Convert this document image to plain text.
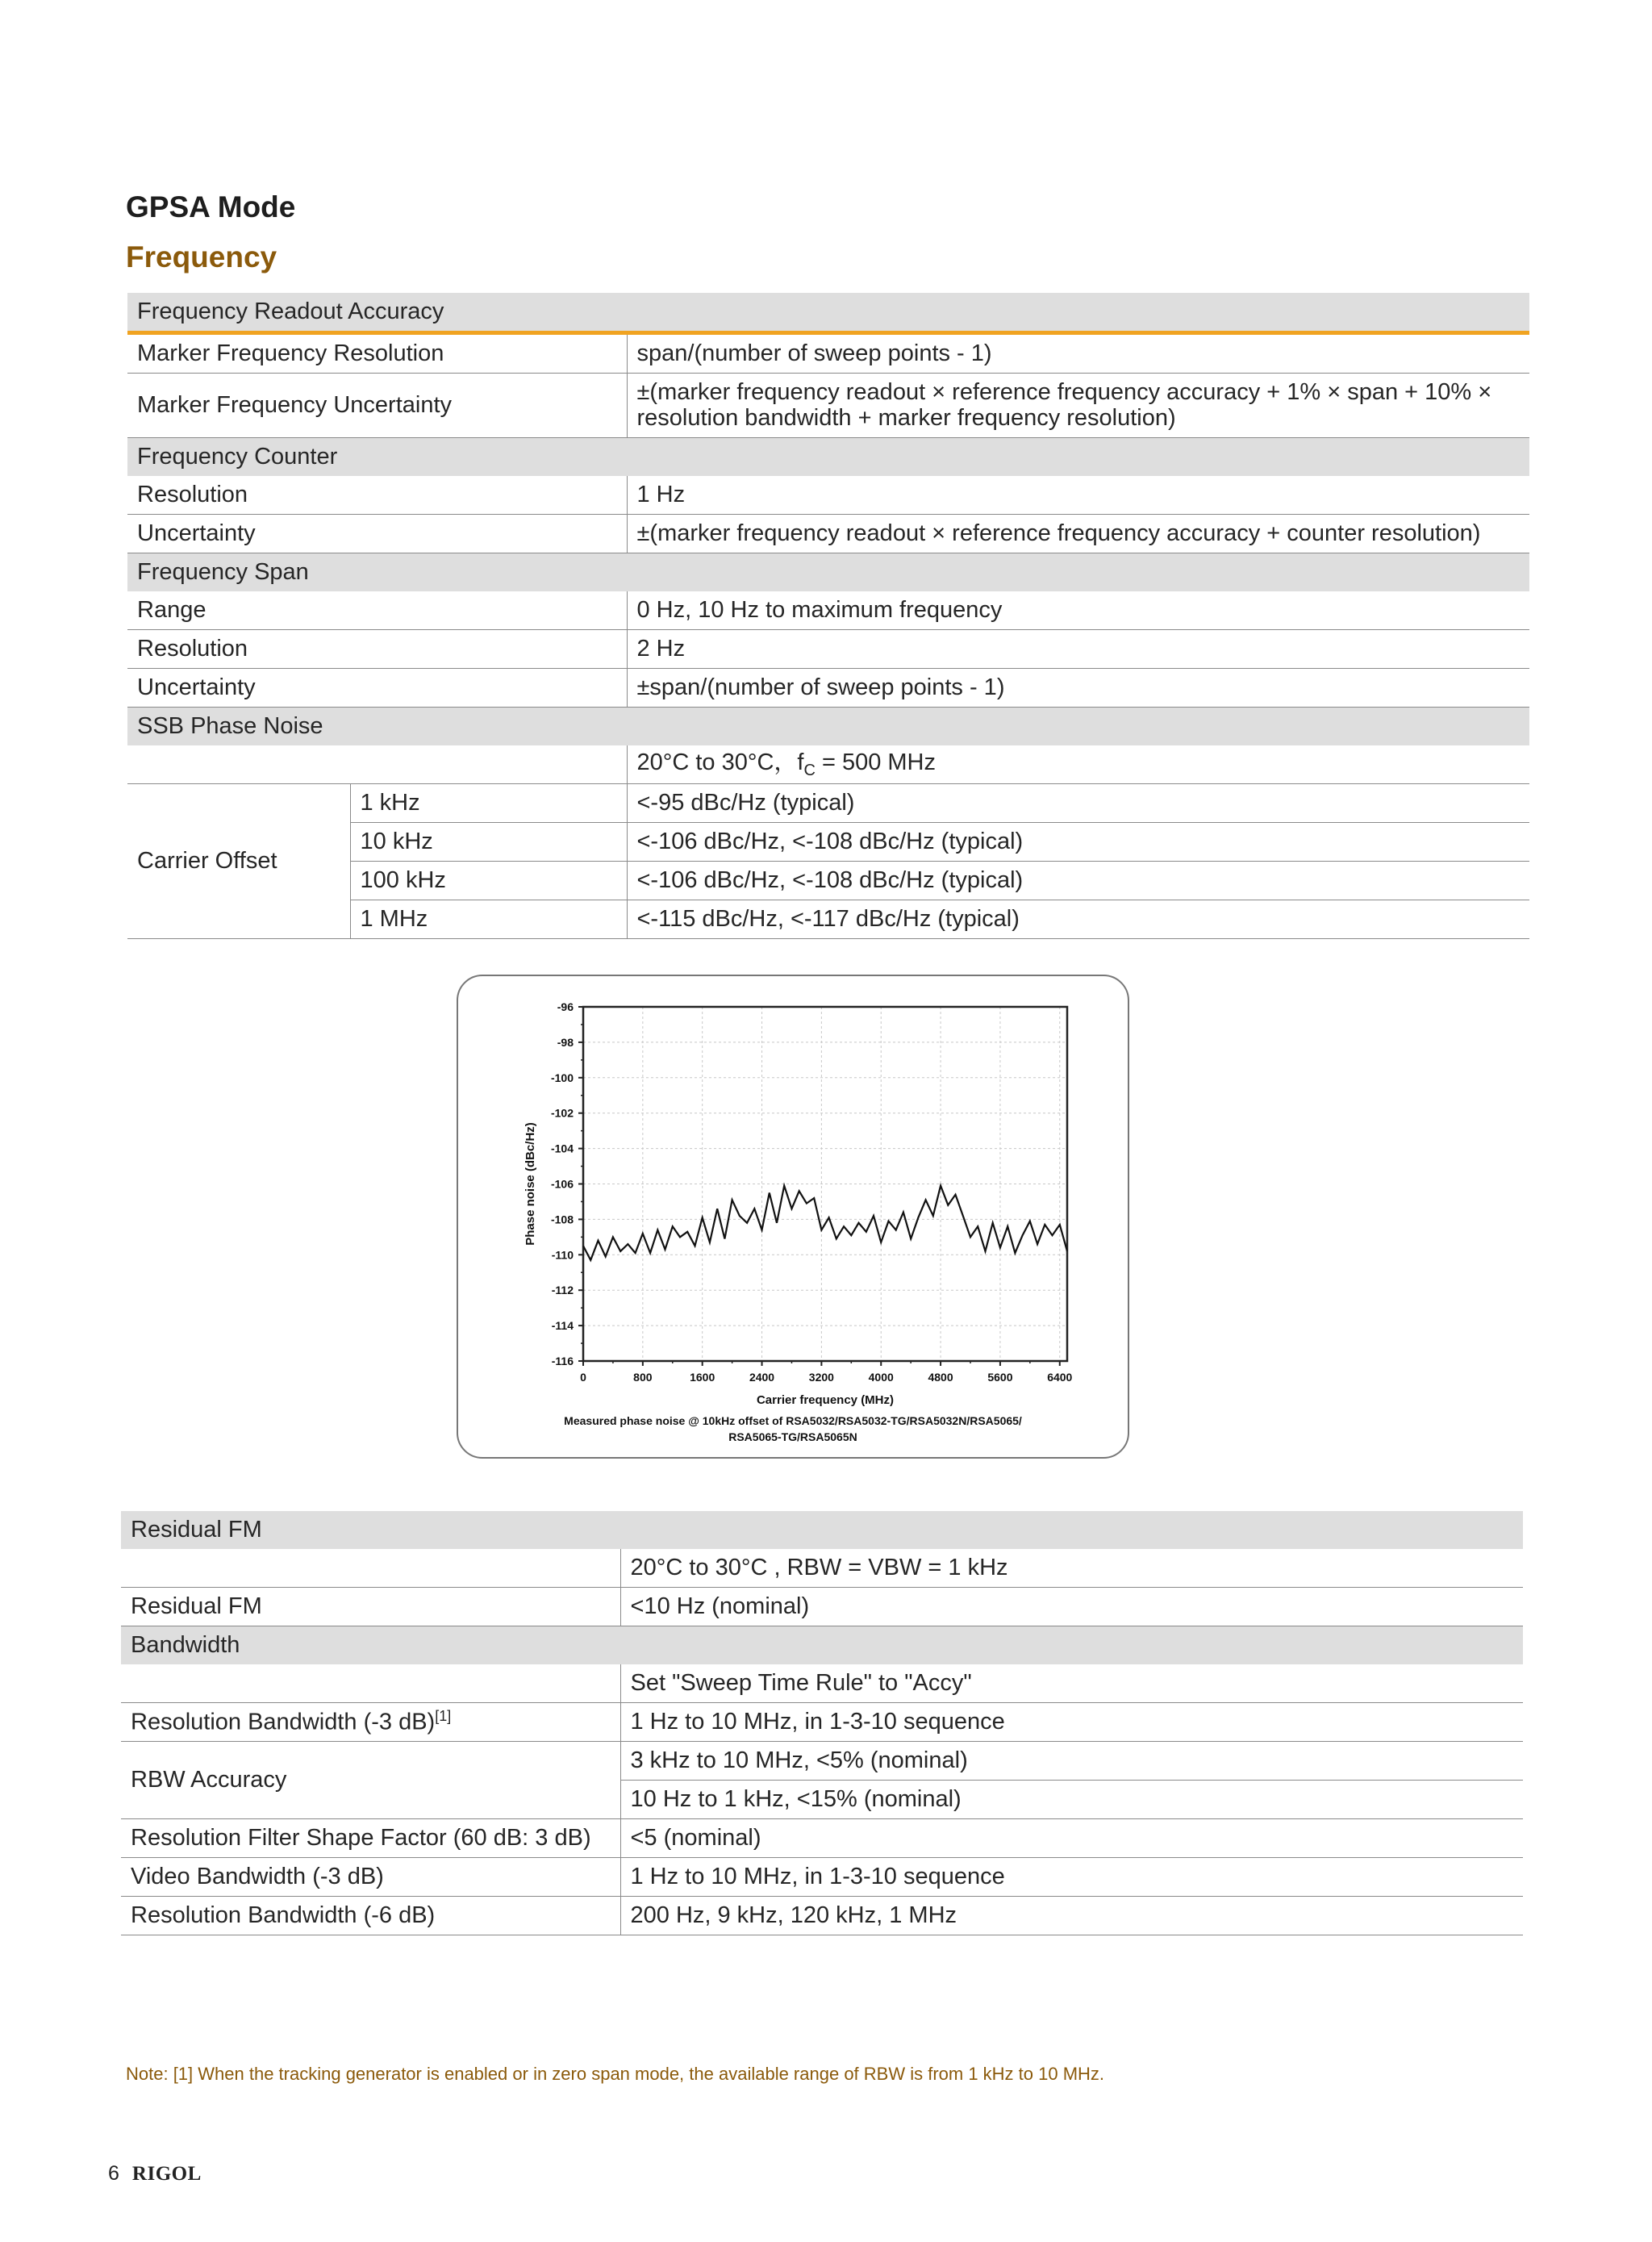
GPSA Mode
Frequency
Frequency Readout Accuracy		
Marker Frequency Resolution		span/(number of sweep points - 1)
Marker Frequency Uncertainty		±(marker frequency readout × reference frequency accuracy + 1% × span + 10% ×
resolution bandwidth + marker frequency resolution)

Frequency Counter		
Resolution		1 Hz
Uncertainty		±(marker frequency readout × reference frequency accuracy + counter resolution)
Frequency Span		
Range		0 Hz, 10 Hz to maximum frequency
Resolution		2 Hz
Uncertainty		±span/(number of sweep points - 1)
SSB Phase Noise		
		20°C to 30°C，$f_C = 500$ MHz
Carrier Offset	1 kHz	<-95 dBc/Hz (typical)
	10 kHz	<-106 dBc/Hz, <-108 dBc/Hz (typical)
	100 kHz	<-106 dBc/Hz, <-108 dBc/Hz (typical)
	1 MHz	<-115 dBc/Hz, <-117 dBc/Hz (typical)
-96
-98
-100
-102
-104
-106
-108
-110
-112
-114
-116
0	800	1600	2400	3200	4000	4800	5600	6400
Phase noise (dBc/Hz)
Carrier frequency (MHz)
Measured phase noise @ 10kHz offset of RSA5032/RSA5032-TG/RSA5032N/RSA5065/
RSA5065-TG/RSA5065N
Residual FM	
	20°C to 30°C , RBW = VBW = 1 kHz
Residual FM	<10 Hz (nominal)
Bandwidth	
	Set "Sweep Time Rule" to "Accy"
Resolution Bandwidth (-3 dB)[1]	1 Hz to 10 MHz, in 1-3-10 sequence
RBW Accuracy	3 kHz to 10 MHz, <5% (nominal)
	10 Hz to 1 kHz, <15% (nominal)
Resolution Filter Shape Factor (60 dB: 3 dB)	<5 (nominal)
Video Bandwidth (-3 dB)	1 Hz to 10 MHz, in 1-3-10 sequence
Resolution Bandwidth (-6 dB)	200 Hz, 9 kHz, 120 kHz, 1 MHz
Note: [1] When the tracking generator is enabled or in zero span mode, the available range of RBW is from 1 kHz to 10 MHz.
6 RIGOL
